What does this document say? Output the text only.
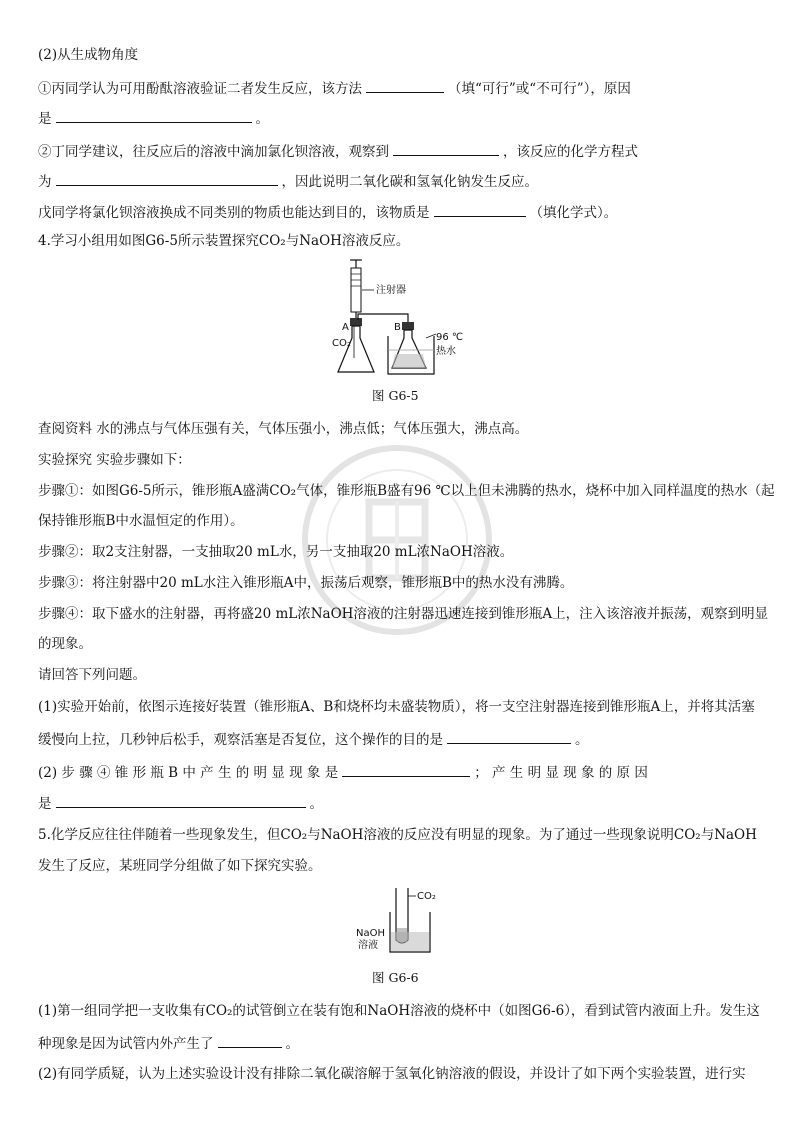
(2)从生成物角度
①丙同学认为可用酚酞溶液验证二者发生反应，该方法	（填“可行”或“不可行”），原因
是	。
②丁同学建议，往反应后的溶液中滴加氯化钡溶液，观察到	，该反应的化学方程式
为	，因此说明二氧化碳和氢氧化钠发生反应。
戊同学将氯化钡溶液换成不同类别的物质也能达到目的，该物质是	（填化学式）。
4.学习小组用如图G6-5所示装置探究CO₂与NaOH溶液反应。
注射器
A	B
CO₂
96 ℃
热水
图 G6-5
查阅资料 水的沸点与气体压强有关，气体压强小，沸点低；气体压强大，沸点高。
实验探究 实验步骤如下：
步骤①：如图G6-5所示，锥形瓶A盛满CO₂气体，锥形瓶B盛有96 ℃以上但未沸腾的热水，烧杯中加入同样温度的热水（起
保持锥形瓶B中水温恒定的作用）。
步骤②：取2支注射器，一支抽取20 mL水，另一支抽取20 mL浓NaOH溶液。
步骤③：将注射器中20 mL水注入锥形瓶A中，振荡后观察，锥形瓶B中的热水没有沸腾。
步骤④：取下盛水的注射器，再将盛20 mL浓NaOH溶液的注射器迅速连接到锥形瓶A上，注入该溶液并振荡，观察到明显
的现象。
请回答下列问题。
(1)实验开始前，依图示连接好装置（锥形瓶A、B和烧杯均未盛装物质），将一支空注射器连接到锥形瓶A上，并将其活塞
缓慢向上拉，几秒钟后松手，观察活塞是否复位，这个操作的目的是	。
(2) 步 骤 ④ 锥 形 瓶 B 中 产 生 的 明 显 现 象 是	； 产 生 明 显 现 象 的 原 因
是	。
5.化学反应往往伴随着一些现象发生，但CO₂与NaOH溶液的反应没有明显的现象。为了通过一些现象说明CO₂与NaOH
发生了反应，某班同学分组做了如下探究实验。
CO₂
NaOH
溶液
图 G6-6
(1)第一组同学把一支收集有CO₂的试管倒立在装有饱和NaOH溶液的烧杯中（如图G6-6），看到试管内液面上升。发生这
种现象是因为试管内外产生了	。
(2)有同学质疑，认为上述实验设计没有排除二氧化碳溶解于氢氧化钠溶液的假设，并设计了如下两个实验装置，进行实
